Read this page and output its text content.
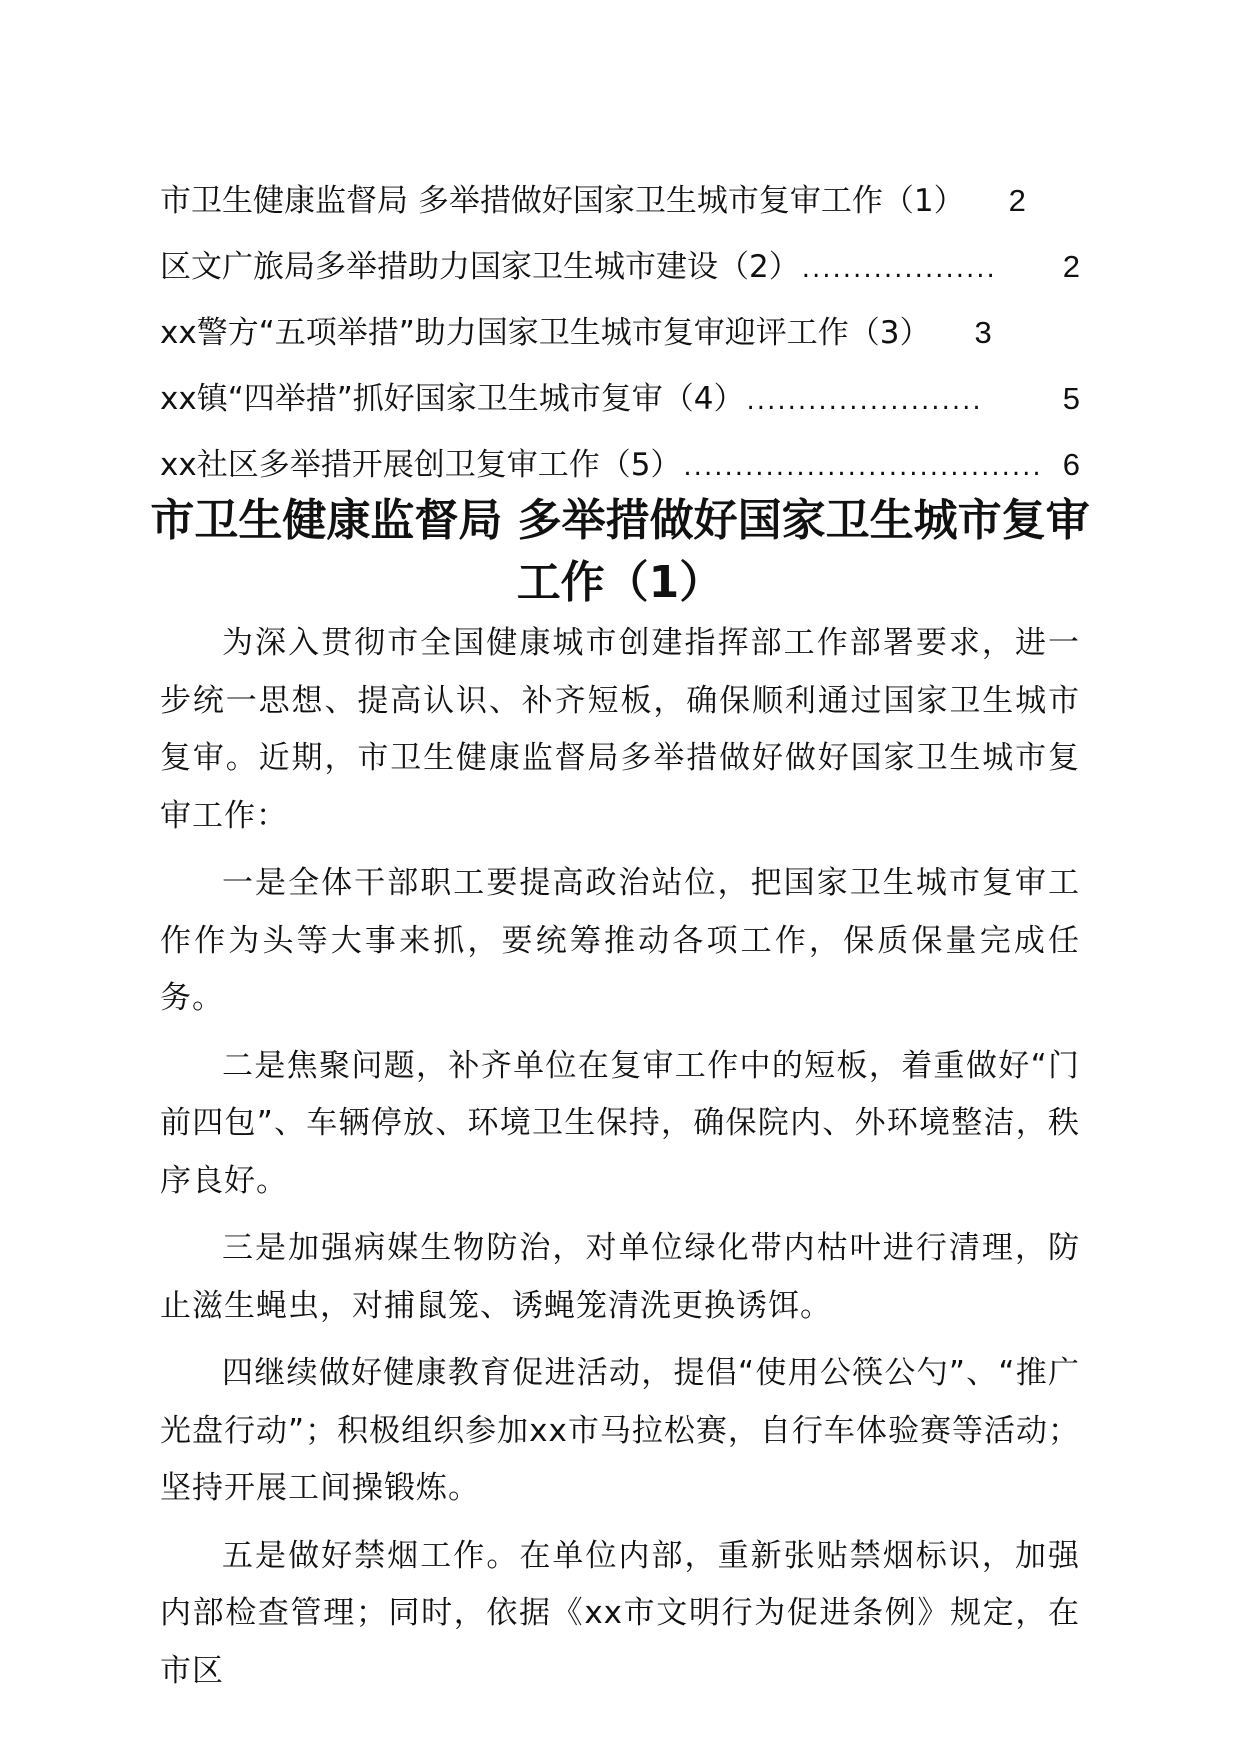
市卫生健康监督局 多举措做好国家卫生城市复审工作（1） 2
区文广旅局多举措助力国家卫生城市建设（2） ...................	2
xx警方“五项举措”助力国家卫生城市复审迎评工作（3） 3
xx镇“四举措”抓好国家卫生城市复审（4） .......................	5
xx社区多举措开展创卫复审工作（5） ................................... 6
市卫生健康监督局 多举措做好国家卫生城市复审工作（1）

为深入贯彻市全国健康城市创建指挥部工作部署要求，进一步统一思想、提高认识、补齐短板，确保顺利通过国家卫生城市复审。近期，市卫生健康监督局多举措做好做好国家卫生城市复审工作：

一是全体干部职工要提高政治站位，把国家卫生城市复审工作作为头等大事来抓，要统筹推动各项工作，保质保量完成任务。

二是焦聚问题，补齐单位在复审工作中的短板，着重做好“门前四包”、车辆停放、环境卫生保持，确保院内、外环境整洁，秩序良好。

三是加强病媒生物防治，对单位绿化带内枯叶进行清理，防止滋生蝇虫，对捕鼠笼、诱蝇笼清洗更换诱饵。

四继续做好健康教育促进活动，提倡“使用公筷公勺”、“推广光盘行动”；积极组织参加xx市马拉松赛，自行车体验赛等活动；坚持开展工间操锻炼。

五是做好禁烟工作。在单位内部，重新张贴禁烟标识，加强内部检查管理；同时，依据《xx市文明行为促进条例》规定，在市区
